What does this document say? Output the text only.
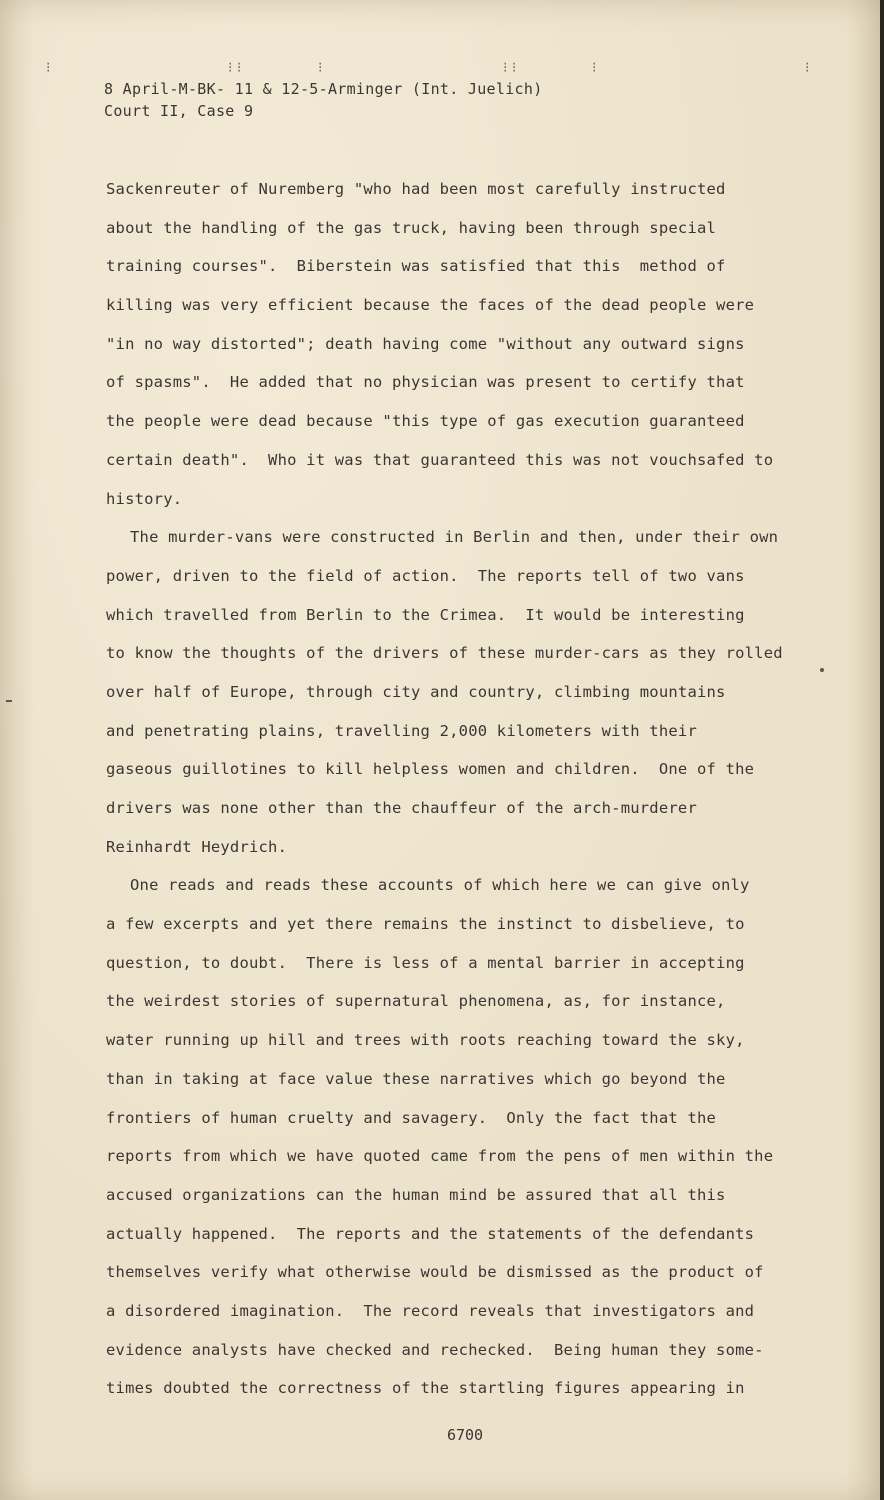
⁝	⁝ ⁝	⁝	⁝ ⁝	⁝	⁝
8 April-M-BK- 11 & 12-5-Arminger (Int. Juelich)
Court II, Case 9
Sackenreuter of Nuremberg "who had been most carefully instructed
about the handling of the gas truck, having been through special
training courses".  Biberstein was satisfied that this  method of
killing was very efficient because the faces of the dead people were
"in no way distorted"; death having come "without any outward signs
of spasms".  He added that no physician was present to certify that
the people were dead because "this type of gas execution guaranteed
certain death".  Who it was that guaranteed this was not vouchsafed to
history.
The murder-vans were constructed in Berlin and then, under their own
power, driven to the field of action.  The reports tell of two vans
which travelled from Berlin to the Crimea.  It would be interesting
to know the thoughts of the drivers of these murder-cars as they rolled
over half of Europe, through city and country, climbing mountains
and penetrating plains, travelling 2,000 kilometers with their
gaseous guillotines to kill helpless women and children.  One of the
drivers was none other than the chauffeur of the arch-murderer
Reinhardt Heydrich.
One reads and reads these accounts of which here we can give only
a few excerpts and yet there remains the instinct to disbelieve, to
question, to doubt.  There is less of a mental barrier in accepting
the weirdest stories of supernatural phenomena, as, for instance,
water running up hill and trees with roots reaching toward the sky,
than in taking at face value these narratives which go beyond the
frontiers of human cruelty and savagery.  Only the fact that the
reports from which we have quoted came from the pens of men within the
accused organizations can the human mind be assured that all this
actually happened.  The reports and the statements of the defendants
themselves verify what otherwise would be dismissed as the product of
a disordered imagination.  The record reveals that investigators and
evidence analysts have checked and rechecked.  Being human they some-
times doubted the correctness of the startling figures appearing in
6700
